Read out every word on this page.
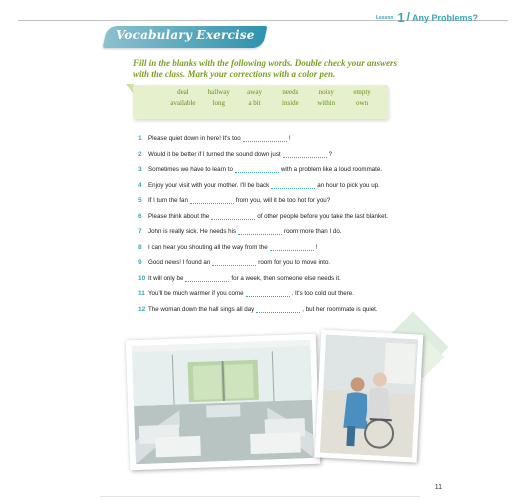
Lesson 1 / Any Problems?
Vocabulary Exercise
Fill in the blanks with the following words. Double check your answers with the class. Mark your corrections with a color pen.
deal	hallway	away	needs	noisy	empty
available	long	a bit	inside	within	own
1	Please quiet down in here! It's too	!
2	Would it be better if I turned the sound down just	?
3	Sometimes we have to learn to	with a problem like a loud roommate.
4	Enjoy your visit with your mother. I'll be back	an hour to pick you up.
5	If I turn the fan	from you, will it be too hot for you?
6	Please think about the	of other people before you take the last blanket.
7	John is really sick. He needs his	room more than I do.
8	I can hear you shouting all the way from the	!
9	Good news! I found an	room for you to move into.
10 It will only be	for a week, then someone else needs it.
11 You'll be much warmer if you come	. It's too cold out there.
12 The woman down the hall sings all day	, but her roommate is quiet.
11
